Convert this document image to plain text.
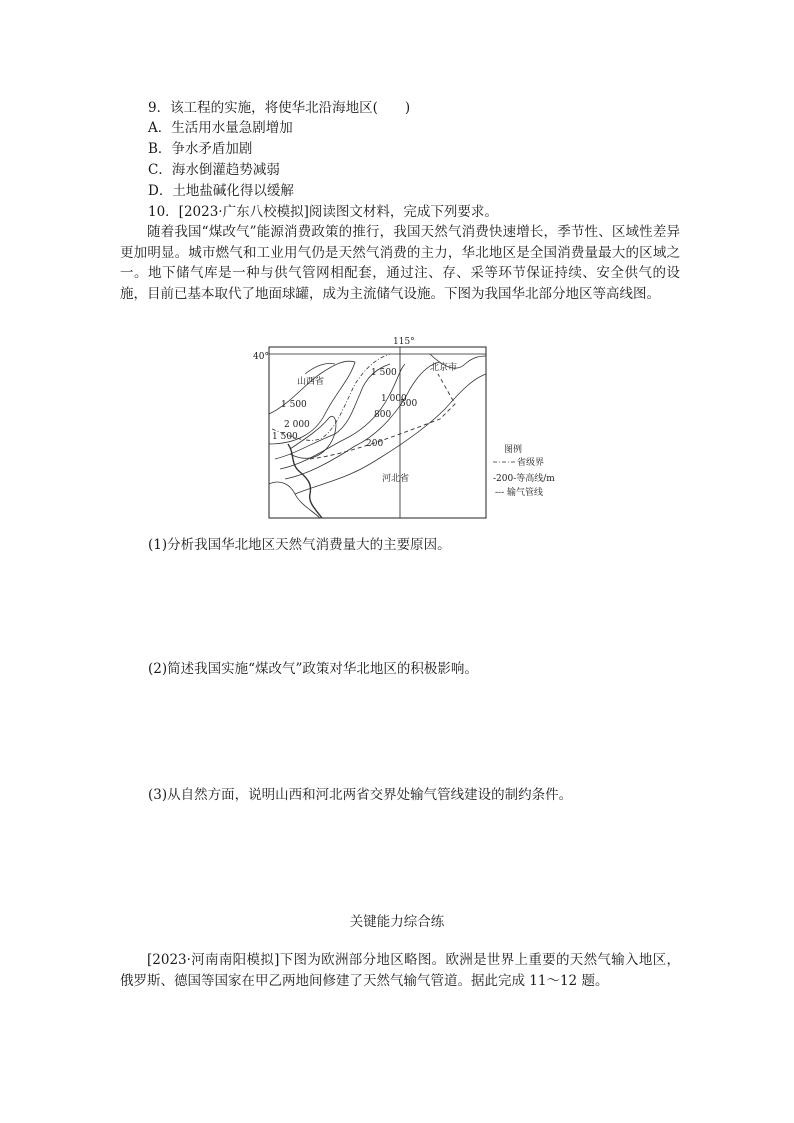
9．该工程的实施，将使华北沿海地区(　　)
A．生活用水量急剧增加
B．争水矛盾加剧
C．海水倒灌趋势减弱
D．土地盐碱化得以缓解
10．[2023·广东八校模拟]阅读图文材料，完成下列要求。
随着我国“煤改气”能源消费政策的推行，我国天然气消费快速增长，季节性、区域性差异更加明显。城市燃气和工业用气仍是天然气消费的主力，华北地区是全国消费量最大的区域之一。地下储气库是一种与供气管网相配套，通过注、存、采等环节保证持续、安全供气的设施，目前已基本取代了地面球罐，成为主流储气设施。下图为我国华北部分地区等高线图。
40°
115°
山西省
河北省
北京市
1 500
1 000
800
500
1 500
2 000
1 500
200
图例
省级界
-200-等高线/m
--- 输气管线
(1)分析我国华北地区天然气消费量大的主要原因。
(2)简述我国实施“煤改气”政策对华北地区的积极影响。
(3)从自然方面，说明山西和河北两省交界处输气管线建设的制约条件。
关键能力综合练
[2023·河南南阳模拟]下图为欧洲部分地区略图。欧洲是世界上重要的天然气输入地区，俄罗斯、德国等国家在甲乙两地间修建了天然气输气管道。据此完成 11～12 题。
